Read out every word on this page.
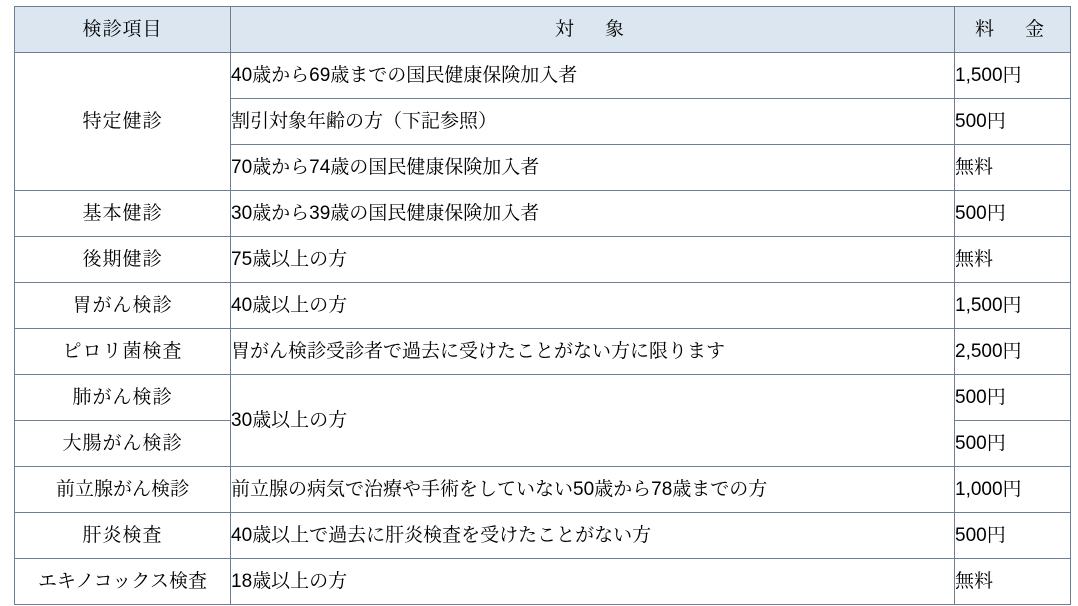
検診項目	対　象	料　金
特定健診	40歳から69歳までの国民健康保険加入者	1,500円
	割引対象年齢の方（下記参照）	500円
	70歳から74歳の国民健康保険加入者	無料
基本健診	30歳から39歳の国民健康保険加入者	500円
後期健診	75歳以上の方	無料
胃がん検診	40歳以上の方	1,500円
ピロリ菌検査	胃がん検診受診者で過去に受けたことがない方に限ります	2,500円
肺がん検診	30歳以上の方	500円
大腸がん検診		500円
前立腺がん検診	前立腺の病気で治療や手術をしていない50歳から78歳までの方	1,000円
肝炎検査	40歳以上で過去に肝炎検査を受けたことがない方	500円
エキノコックス検査	18歳以上の方	無料
